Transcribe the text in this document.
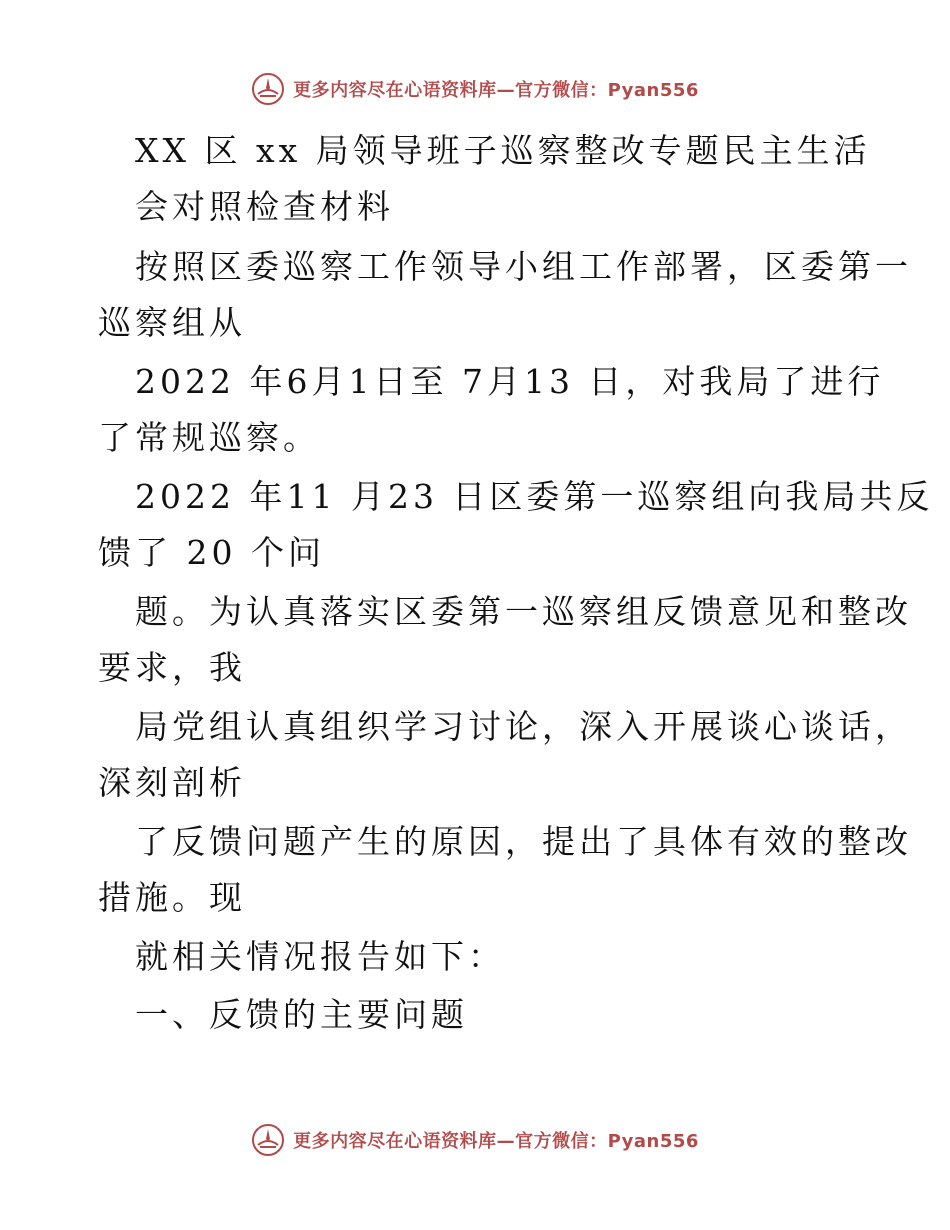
更多内容尽在心语资料库—官方微信：Pyan556
XX 区 xx 局领导班子巡察整改专题民主生活
会对照检查材料
按照区委巡察工作领导小组工作部署，区委第一
巡察组从
2022 年6月1日至 7月13 日，对我局了进行
了常规巡察。
2022 年11 月23 日区委第一巡察组向我局共反
馈了 20 个问
题。为认真落实区委第一巡察组反馈意见和整改
要求，我
局党组认真组织学习讨论，深入开展谈心谈话，
深刻剖析
了反馈问题产生的原因，提出了具体有效的整改
措施。现
就相关情况报告如下：
一、反馈的主要问题
更多内容尽在心语资料库—官方微信：Pyan556
